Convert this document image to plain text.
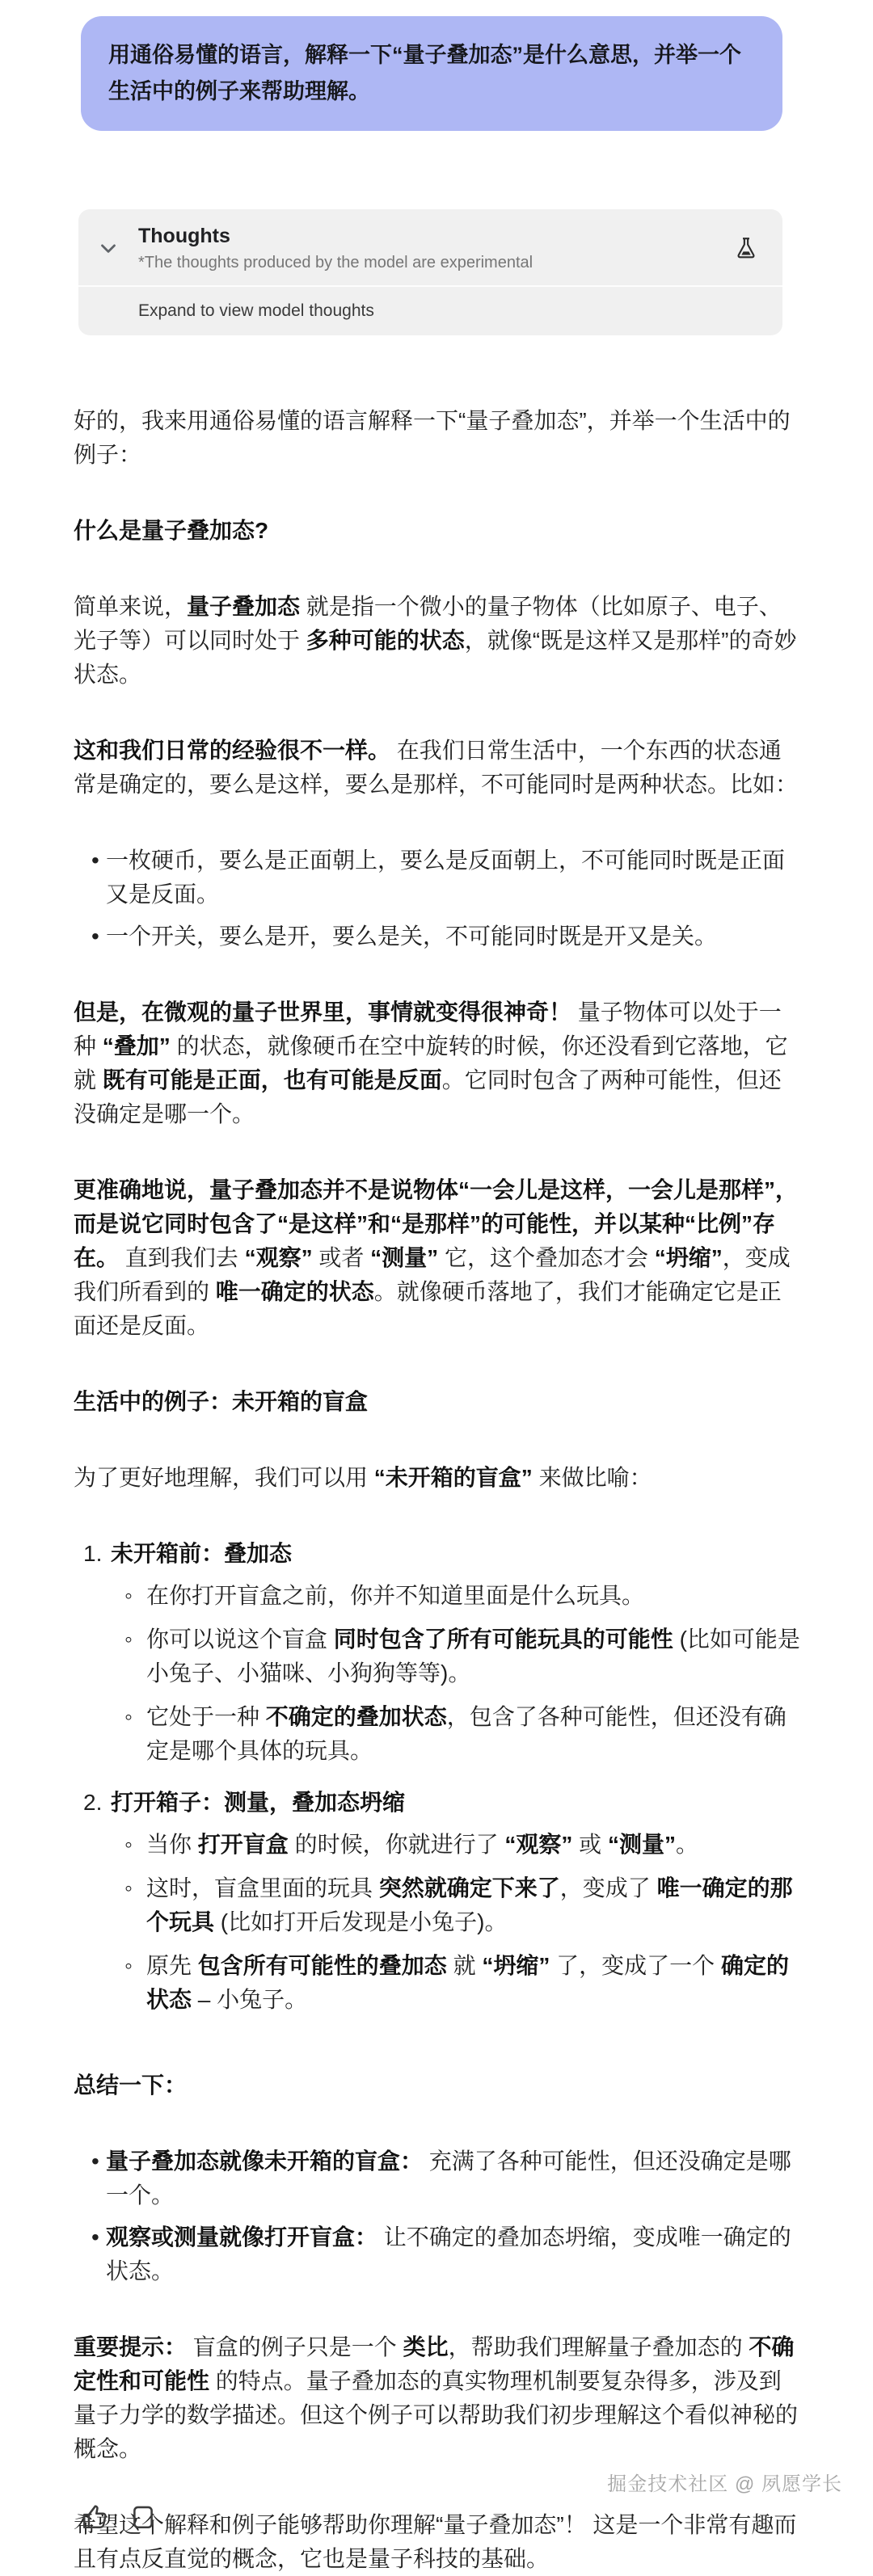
用通俗易懂的语言，解释一下“量子叠加态”是什么意思，并举一个生活中的例子来帮助理解。
Thoughts
*The thoughts produced by the model are experimental
Expand to view model thoughts
好的，我来用通俗易懂的语言解释一下“量子叠加态”，并举一个生活中的例子：
什么是量子叠加态?
简单来说，量子叠加态 就是指一个微小的量子物体（比如原子、电子、光子等）可以同时处于 多种可能的状态，就像“既是这样又是那样”的奇妙状态。
这和我们日常的经验很不一样。 在我们日常生活中，一个东西的状态通常是确定的，要么是这样，要么是那样，不可能同时是两种状态。比如：
• 一枚硬币，要么是正面朝上，要么是反面朝上，不可能同时既是正面又是反面。
• 一个开关，要么是开，要么是关，不可能同时既是开又是关。
但是，在微观的量子世界里，事情就变得很神奇！ 量子物体可以处于一种 “叠加” 的状态，就像硬币在空中旋转的时候，你还没看到它落地，它就 既有可能是正面，也有可能是反面。它同时包含了两种可能性，但还没确定是哪一个。
更准确地说，量子叠加态并不是说物体“一会儿是这样，一会儿是那样”，而是说它同时包含了“是这样”和“是那样”的可能性，并以某种“比例”存在。 直到我们去 “观察” 或者 “测量” 它，这个叠加态才会 “坍缩”，变成我们所看到的 唯一确定的状态。就像硬币落地了，我们才能确定它是正面还是反面。
生活中的例子：未开箱的盲盒
为了更好地理解，我们可以用 “未开箱的盲盒” 来做比喻：
1. 未开箱前：叠加态
◦ 在你打开盲盒之前，你并不知道里面是什么玩具。
◦ 你可以说这个盲盒 同时包含了所有可能玩具的可能性 (比如可能是小兔子、小猫咪、小狗狗等等)。
◦ 它处于一种 不确定的叠加状态，包含了各种可能性，但还没有确定是哪个具体的玩具。
2. 打开箱子：测量，叠加态坍缩
◦ 当你 打开盲盒 的时候，你就进行了 “观察” 或 “测量”。
◦ 这时，盲盒里面的玩具 突然就确定下来了，变成了 唯一确定的那个玩具 (比如打开后发现是小兔子)。
◦ 原先 包含所有可能性的叠加态 就 “坍缩” 了，变成了一个 确定的状态 – 小兔子。
总结一下：
• 量子叠加态就像未开箱的盲盒： 充满了各种可能性，但还没确定是哪一个。
• 观察或测量就像打开盲盒： 让不确定的叠加态坍缩，变成唯一确定的状态。
重要提示： 盲盒的例子只是一个 类比，帮助我们理解量子叠加态的 不确定性和可能性 的特点。量子叠加态的真实物理机制要复杂得多，涉及到量子力学的数学描述。但这个例子可以帮助我们初步理解这个看似神秘的概念。
希望这个解释和例子能够帮助你理解“量子叠加态”！ 这是一个非常有趣而且有点反直觉的概念，它也是量子科技的基础。
掘金技术社区 @ 夙愿学长
